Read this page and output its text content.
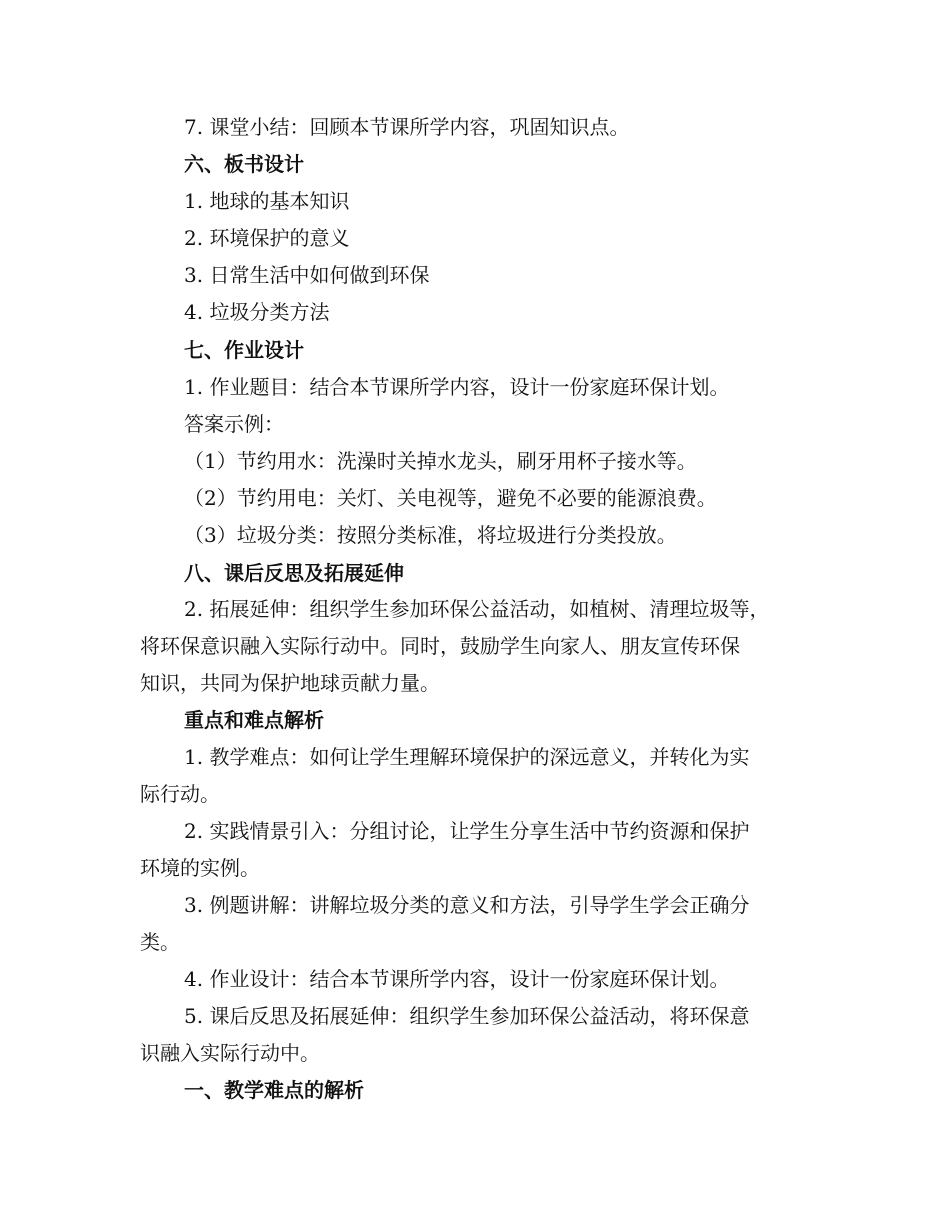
7. 课堂小结：回顾本节课所学内容，巩固知识点。
六、板书设计
1. 地球的基本知识
2. 环境保护的意义
3. 日常生活中如何做到环保
4. 垃圾分类方法
七、作业设计
1. 作业题目：结合本节课所学内容，设计一份家庭环保计划。
答案示例：
（1）节约用水：洗澡时关掉水龙头，刷牙用杯子接水等。
（2）节约用电：关灯、关电视等，避免不必要的能源浪费。
（3）垃圾分类：按照分类标准，将垃圾进行分类投放。
八、课后反思及拓展延伸
2. 拓展延伸：组织学生参加环保公益活动，如植树、清理垃圾等，
将环保意识融入实际行动中。同时，鼓励学生向家人、朋友宣传环保
知识，共同为保护地球贡献力量。
重点和难点解析
1. 教学难点：如何让学生理解环境保护的深远意义，并转化为实
际行动。
2. 实践情景引入：分组讨论，让学生分享生活中节约资源和保护
环境的实例。
3. 例题讲解：讲解垃圾分类的意义和方法，引导学生学会正确分
类。
4. 作业设计：结合本节课所学内容，设计一份家庭环保计划。
5. 课后反思及拓展延伸：组织学生参加环保公益活动，将环保意
识融入实际行动中。
一、教学难点的解析
